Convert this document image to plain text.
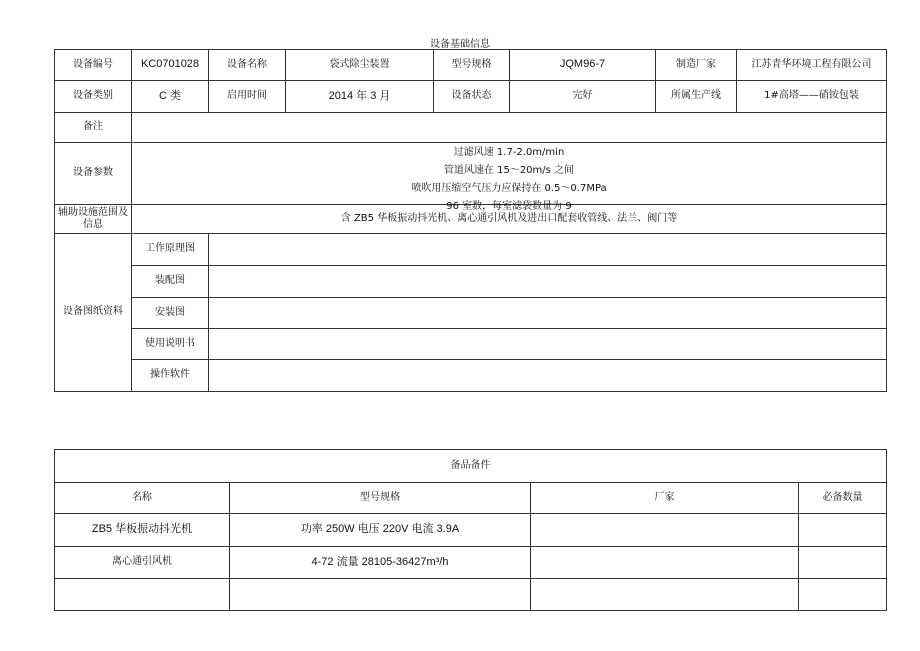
设备基础信息
设备编号	KC0701028	设备名称	袋式除尘装置	型号规格	JQM96-7	制造厂家	江苏青华环境工程有限公司
设备类别	C 类	启用时间	2014 年 3 月	设备状态	完好	所属生产线	1#高塔——硝铵包装
备注							
设备参数	过滤风速 1.7-2.0m/min
管道风速在 15～20m/s 之间
喷吹用压缩空气压力应保持在 0.5～0.7MPa
96 室数，每室滤袋数量为 9						

辅助设施范围及信息	含 ZB5 华板振动抖光机、离心通引风机及进出口配套收管线、法兰、阀门等						
设备图纸资料	工作原理图						
	装配图						
	安装图						
	使用说明书						
	操作软件						
备品备件			
名称	型号规格	厂家	必备数量
ZB5 华板振动抖光机	功率 250W 电压 220V 电流 3.9A		
离心通引风机	4-72 流量 28105-36427m³/h		
